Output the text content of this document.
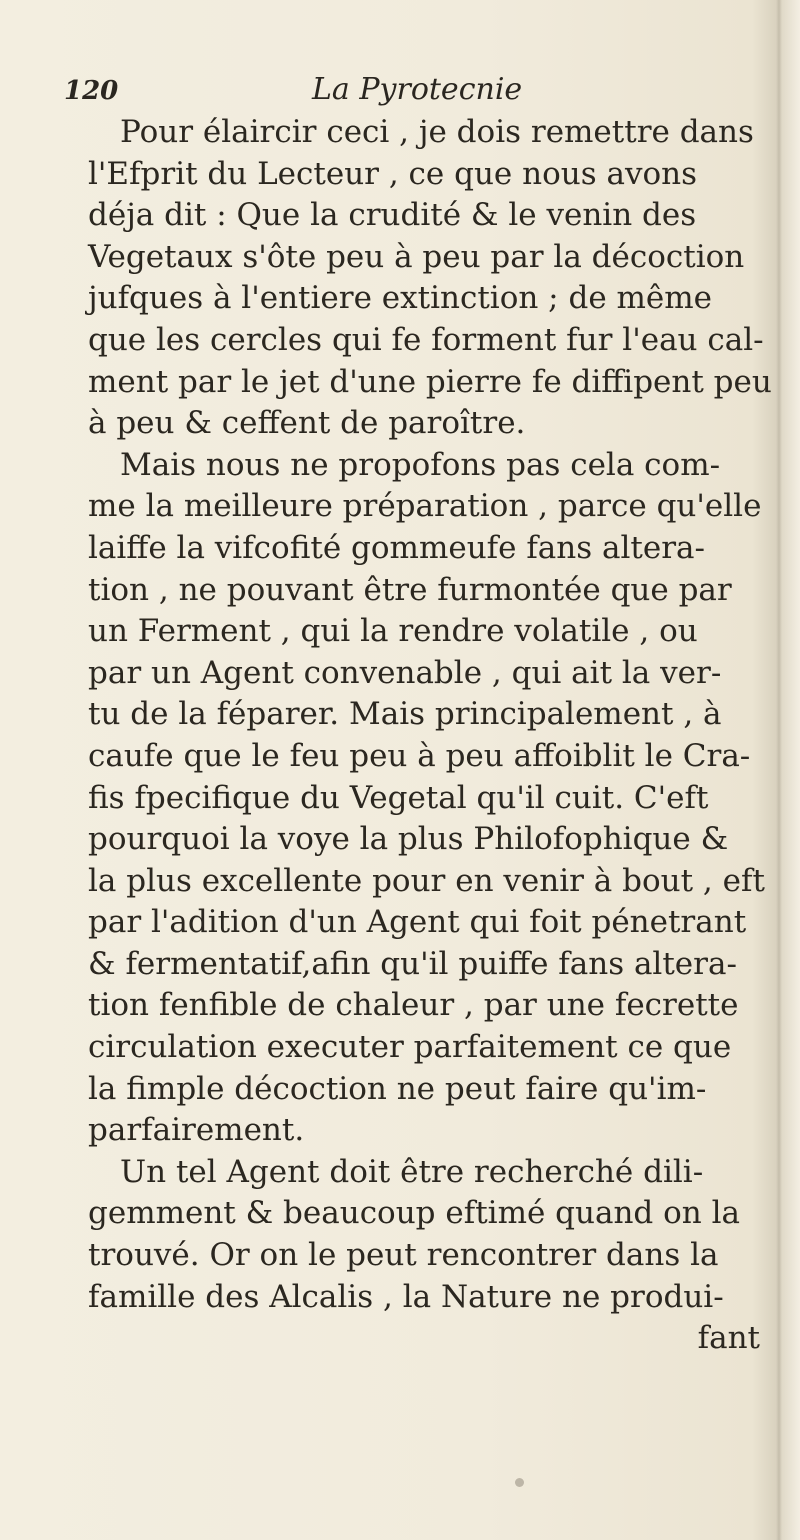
120	La Pyrotecnie
Pour élaircir ceci , je dois remettre dans
l'Efprit du Lecteur , ce que nous avons
déja dit : Que la crudité & le venin des
Vegetaux s'ôte peu à peu par la décoction
jufques à l'entiere extinction ; de même
que les cercles qui fe forment fur l'eau cal-
ment par le jet d'une pierre fe diffipent peu
à peu & ceffent de paroître.
Mais nous ne propofons pas cela com-
me la meilleure préparation , parce qu'elle
laiffe la vifcofité gommeufe fans altera-
tion , ne pouvant être furmontée que par
un Ferment , qui la rendre volatile , ou
par un Agent convenable , qui ait la ver-
tu de la féparer. Mais principalement , à
caufe que le feu peu à peu affoiblit le Cra-
fis fpecifique du Vegetal qu'il cuit. C'eft
pourquoi la voye la plus Philofophique &
la plus excellente pour en venir à bout , eft
par l'adition d'un Agent qui foit pénetrant
& fermentatif,afin qu'il puiffe fans altera-
tion fenfible de chaleur , par une fecrette
circulation executer parfaitement ce que
la fimple décoction ne peut faire qu'im-
parfairement.
Un tel Agent doit être recherché dili-
gemment & beaucoup eftimé quand on la
trouvé. Or on le peut rencontrer dans la
famille des Alcalis , la Nature ne produi-
fant
